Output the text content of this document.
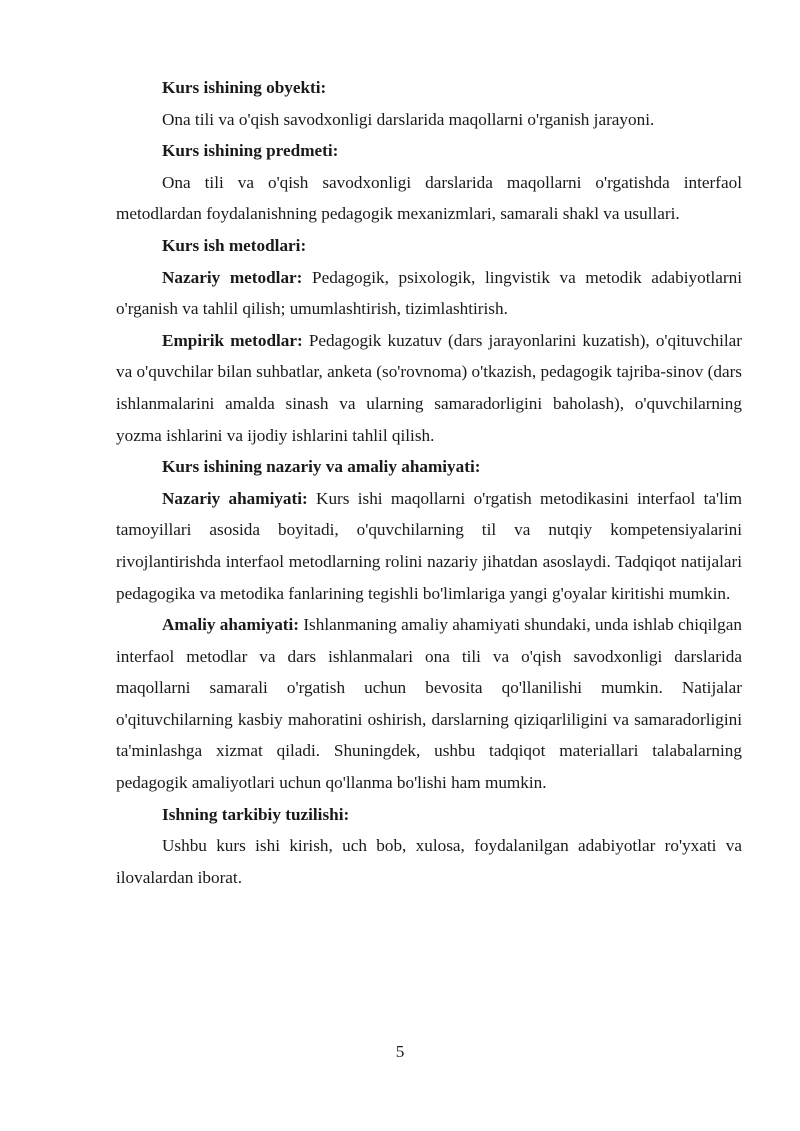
Kurs ishining obyekti:

Ona tili va o'qish savodxonligi darslarida maqollarni o'rganish jarayoni.

Kurs ishining predmeti:

Ona tili va o'qish savodxonligi darslarida maqollarni o'rgatishda interfaol metodlardan foydalanishning pedagogik mexanizmlari, samarali shakl va usullari.

Kurs ish metodlari:

Nazariy metodlar: Pedagogik, psixologik, lingvistik va metodik adabiyotlarni o'rganish va tahlil qilish; umumlashtirish, tizimlashtirish.

Empirik metodlar: Pedagogik kuzatuv (dars jarayonlarini kuzatish), o'qituvchilar va o'quvchilar bilan suhbatlar, anketa (so'rovnoma) o'tkazish, pedagogik tajriba-sinov (dars ishlanmalarini amalda sinash va ularning samaradorligini baholash), o'quvchilarning yozma ishlarini va ijodiy ishlarini tahlil qilish.

Kurs ishining nazariy va amaliy ahamiyati:

Nazariy ahamiyati: Kurs ishi maqollarni o'rgatish metodikasini interfaol ta'lim tamoyillari asosida boyitadi, o'quvchilarning til va nutqiy kompetensiyalarini rivojlantirishda interfaol metodlarning rolini nazariy jihatdan asoslaydi. Tadqiqot natijalari pedagogika va metodika fanlarining tegishli bo'limlariga yangi g'oyalar kiritishi mumkin.

Amaliy ahamiyati: Ishlanmaning amaliy ahamiyati shundaki, unda ishlab chiqilgan interfaol metodlar va dars ishlanmalari ona tili va o'qish savodxonligi darslarida maqollarni samarali o'rgatish uchun bevosita qo'llanilishi mumkin. Natijalar o'qituvchilarning kasbiy mahoratini oshirish, darslarning qiziqarliligini va samaradorligini ta'minlashga xizmat qiladi. Shuningdek, ushbu tadqiqot materiallari talabalarning pedagogik amaliyotlari uchun qo'llanma bo'lishi ham mumkin.

Ishning tarkibiy tuzilishi:

Ushbu kurs ishi kirish, uch bob, xulosa, foydalanilgan adabiyotlar ro'yxati va ilovalardan iborat.

5
